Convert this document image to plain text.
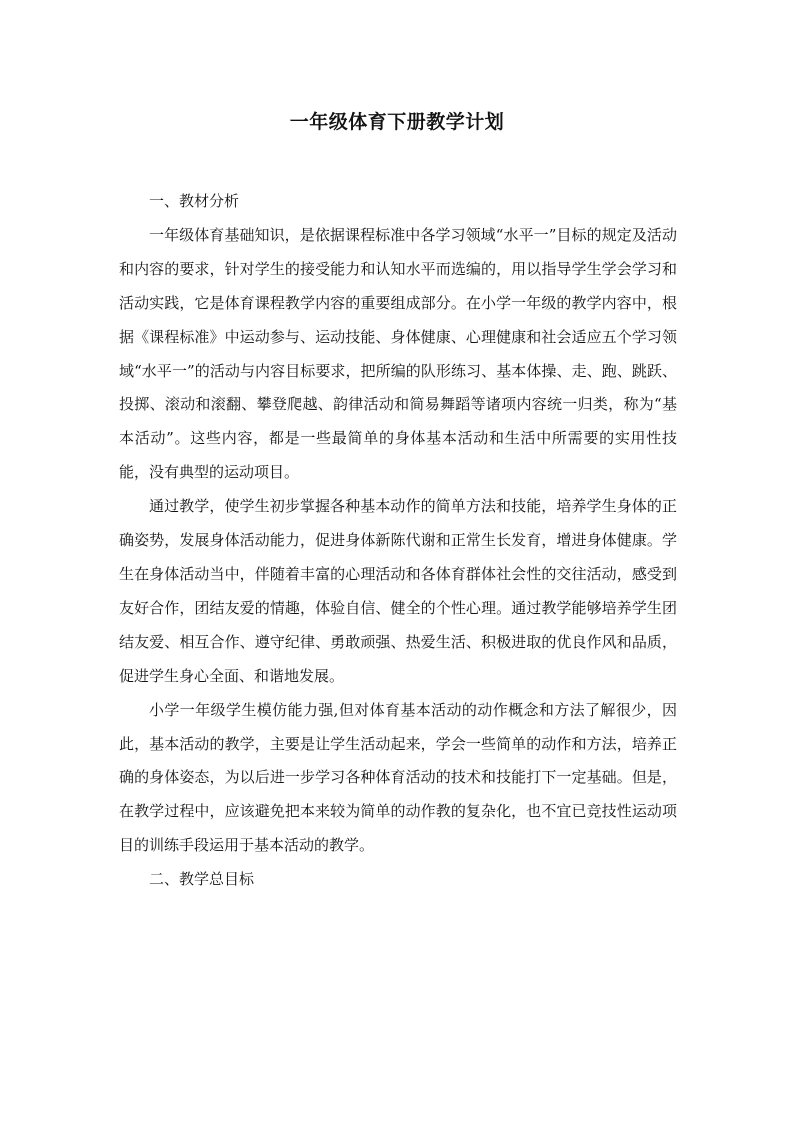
一年级体育下册教学计划

一、教材分析

一年级体育基础知识，是依据课程标准中各学习领域“水平一”目标的规定及活动和内容的要求，针对学生的接受能力和认知水平而选编的，用以指导学生学会学习和活动实践，它是体育课程教学内容的重要组成部分。在小学一年级的教学内容中，根据《课程标准》中运动参与、运动技能、身体健康、心理健康和社会适应五个学习领域“水平一”的活动与内容目标要求，把所编的队形练习、基本体操、走、跑、跳跃、投掷、滚动和滚翻、攀登爬越、韵律活动和简易舞蹈等诸项内容统一归类，称为“基本活动”。这些内容，都是一些最简单的身体基本活动和生活中所需要的实用性技能，没有典型的运动项目。

通过教学，使学生初步掌握各种基本动作的简单方法和技能，培养学生身体的正确姿势，发展身体活动能力，促进身体新陈代谢和正常生长发育，增进身体健康。学生在身体活动当中，伴随着丰富的心理活动和各体育群体社会性的交往活动，感受到友好合作，团结友爱的情趣，体验自信、健全的个性心理。通过教学能够培养学生团结友爱、相互合作、遵守纪律、勇敢顽强、热爱生活、积极进取的优良作风和品质，促进学生身心全面、和谐地发展。

小学一年级学生模仿能力强,但对体育基本活动的动作概念和方法了解很少，因此，基本活动的教学，主要是让学生活动起来，学会一些简单的动作和方法，培养正确的身体姿态，为以后进一步学习各种体育活动的技术和技能打下一定基础。但是，在教学过程中，应该避免把本来较为简单的动作教的复杂化，也不宜已竞技性运动项目的训练手段运用于基本活动的教学。

二、教学总目标
